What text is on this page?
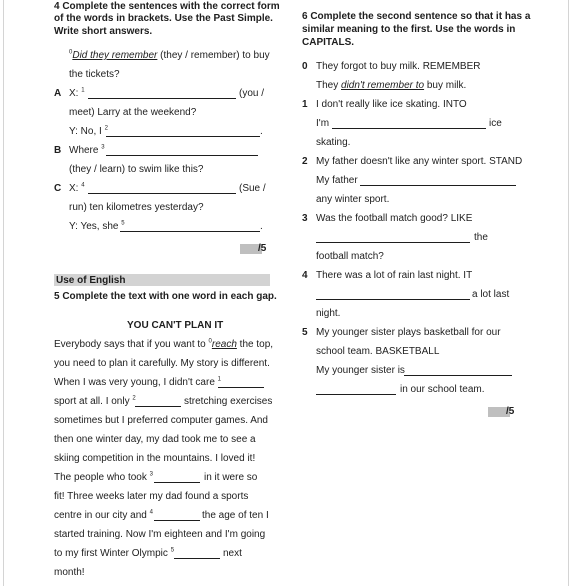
4 Complete the sentences with the correct form
of the words in brackets. Use the Past Simple.
Write short answers.
$^0$Did they remember (they / remember) to buy
the tickets?
A X: $^1$	(you /
meet) Larry at the weekend?
Y: No, I $^2$	.
B Where $^3$
(they / learn) to swim like this?
C X: $^4$	(Sue /
run) ten kilometres yesterday?
Y: Yes, she $^5$	.
/5
Use of English
5 Complete the text with one word in each gap.
YOU CAN'T PLAN IT
Everybody says that if you want to $^0$reach the top,
you need to plan it carefully. My story is different.
When I was very young, I didn't care $^1$
sport at all. I only $^2$	stretching exercises
sometimes but I preferred computer games. And
then one winter day, my dad took me to see a
skiing competition in the mountains. I loved it!
The people who took $^3$	in it were so
fit! Three weeks later my dad found a sports
centre in our city and $^4$	the age of ten I
started training. Now I'm eighteen and I'm going
to my first Winter Olympic $^5$	next
month!
6 Complete the second sentence so that it has a
similar meaning to the first. Use the words in
CAPITALS.
0 They forgot to buy milk. REMEMBER
They didn't remember to buy milk.
1 I don't really like ice skating. INTO
I'm	ice
skating.
2 My father doesn't like any winter sport. STAND
My father
any winter sport.
3 Was the football match good? LIKE
the
football match?
4 There was a lot of rain last night. IT
a lot last
night.
5 My younger sister plays basketball for our
school team. BASKETBALL
My younger sister is
in our school team.
/5
